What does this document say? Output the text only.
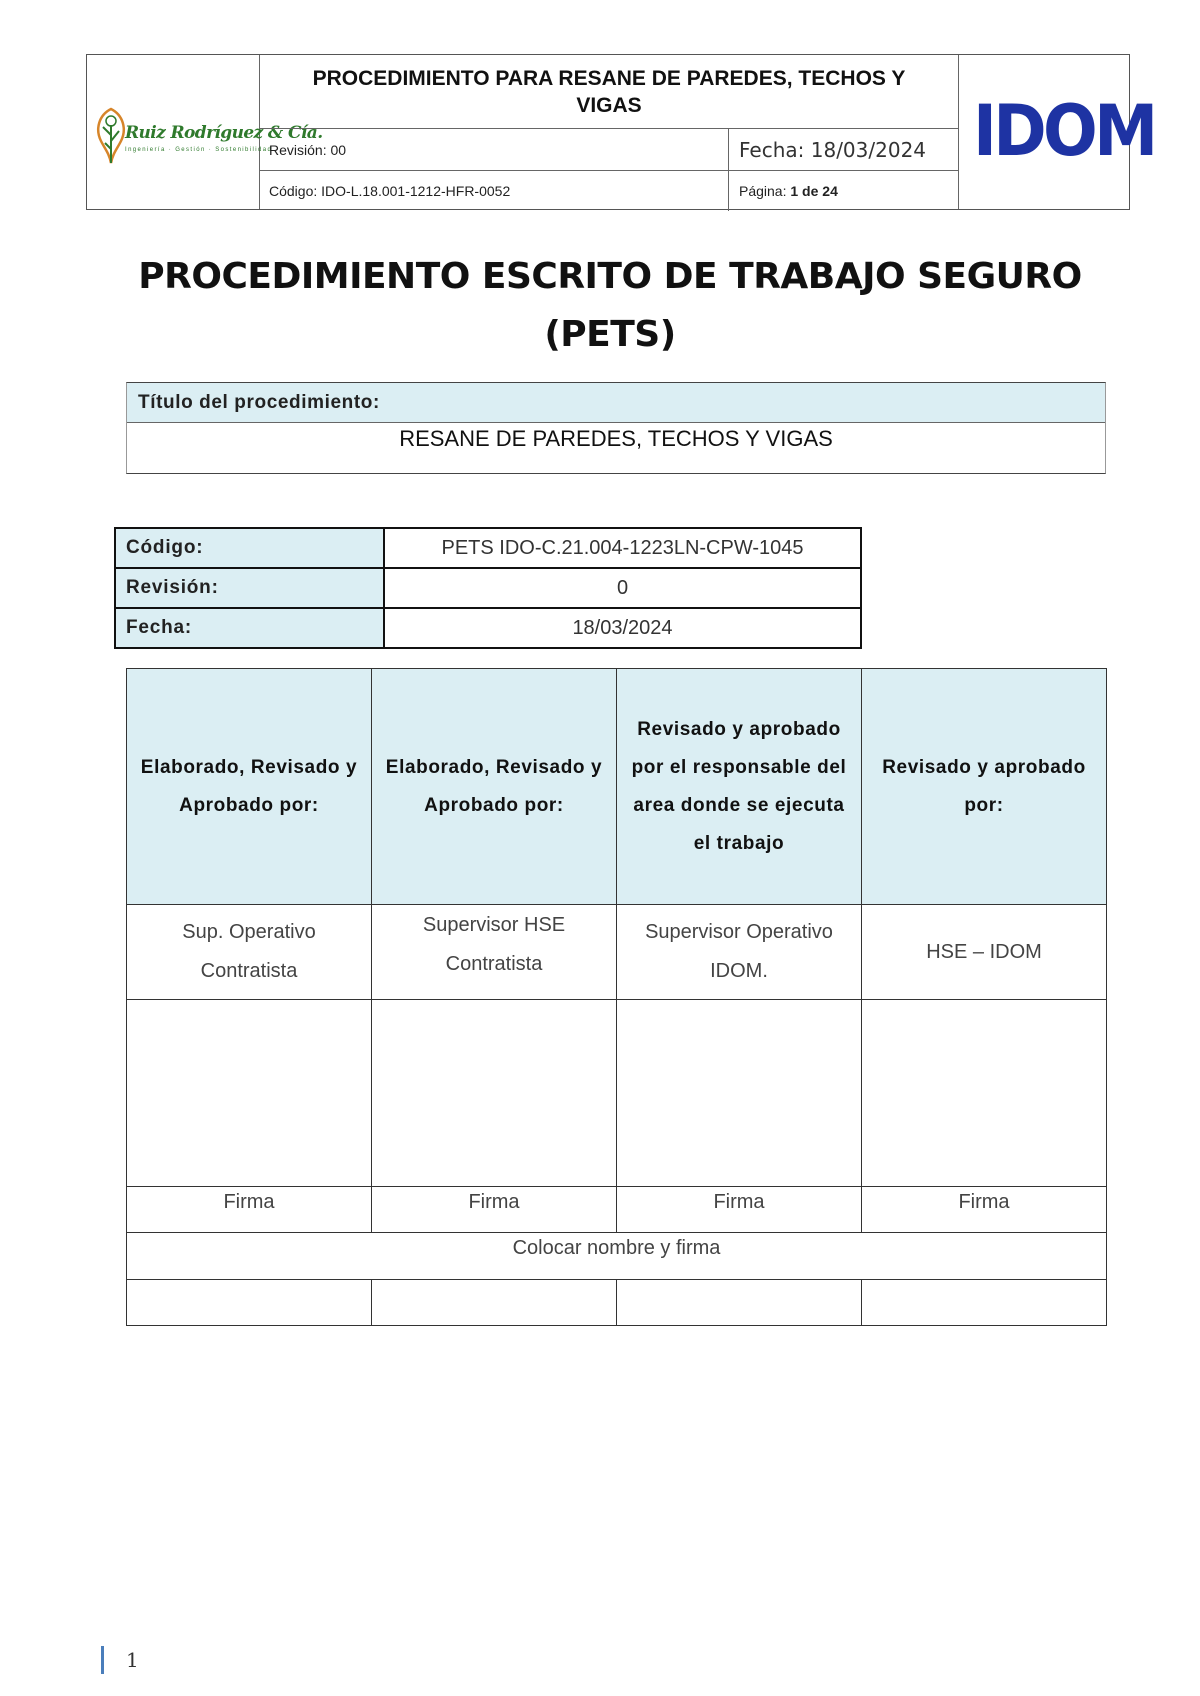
Ruiz Rodríguez & Cía.
Ingeniería · Gestión · Sostenibilidad
PROCEDIMIENTO PARA RESANE DE PAREDES, TECHOS Y VIGAS
Revisión: 00	Fecha: 18/03/2024
Código: IDO-L.18.001-1212-HFR-0052	Página: 1 de 24
IDOM
PROCEDIMIENTO ESCRITO DE TRABAJO SEGURO
(PETS)
Título del procedimiento:
RESANE DE PAREDES, TECHOS Y VIGAS
Código:	PETS IDO-C.21.004-1223LN-CPW-1045
Revisión:	0
Fecha:	18/03/2024
Elaborado, Revisado y Aprobado por:	Elaborado, Revisado y Aprobado por:	Revisado y aprobado por el responsable del area donde se ejecuta el trabajo	Revisado y aprobado por:
Sup. Operativo Contratista	Supervisor HSE Contratista	Supervisor Operativo IDOM.	HSE – IDOM

Firma	Firma	Firma	Firma
Colocar nombre y firma			

1
